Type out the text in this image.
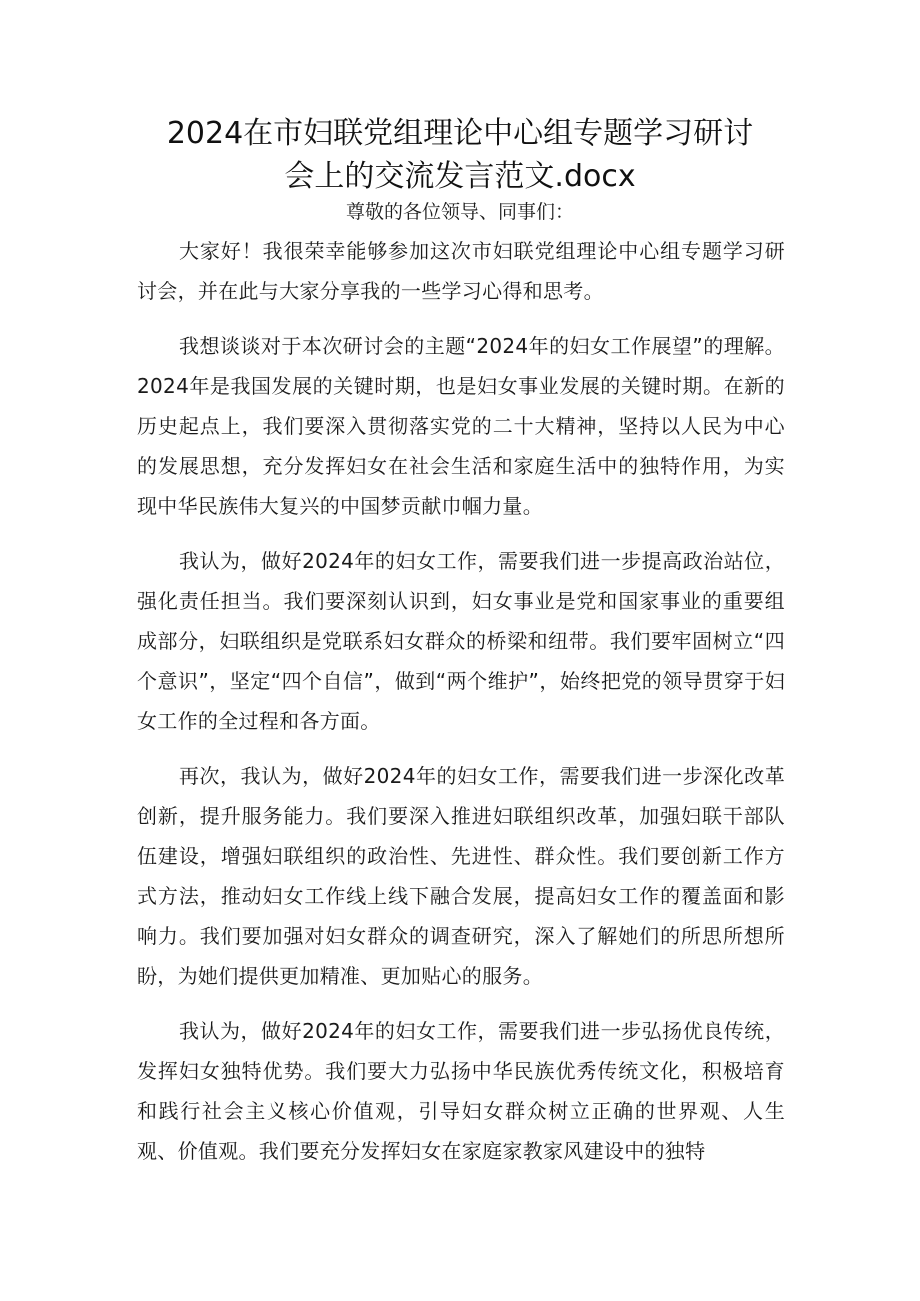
2024在市妇联党组理论中心组专题学习研讨
会上的交流发言范文.docx
尊敬的各位领导、同事们：

大家好！我很荣幸能够参加这次市妇联党组理论中心组专题学习研讨会，并在此与大家分享我的一些学习心得和思考。

我想谈谈对于本次研讨会的主题“2024年的妇女工作展望”的理解。2024年是我国发展的关键时期，也是妇女事业发展的关键时期。在新的历史起点上，我们要深入贯彻落实党的二十大精神，坚持以人民为中心的发展思想，充分发挥妇女在社会生活和家庭生活中的独特作用，为实现中华民族伟大复兴的中国梦贡献巾帼力量。

我认为，做好2024年的妇女工作，需要我们进一步提高政治站位，强化责任担当。我们要深刻认识到，妇女事业是党和国家事业的重要组成部分，妇联组织是党联系妇女群众的桥梁和纽带。我们要牢固树立“四个意识”，坚定“四个自信”，做到“两个维护”，始终把党的领导贯穿于妇女工作的全过程和各方面。

再次，我认为，做好2024年的妇女工作，需要我们进一步深化改革创新，提升服务能力。我们要深入推进妇联组织改革，加强妇联干部队伍建设，增强妇联组织的政治性、先进性、群众性。我们要创新工作方式方法，推动妇女工作线上线下融合发展，提高妇女工作的覆盖面和影响力。我们要加强对妇女群众的调查研究，深入了解她们的所思所想所盼，为她们提供更加精准、更加贴心的服务。

我认为，做好2024年的妇女工作，需要我们进一步弘扬优良传统，发挥妇女独特优势。我们要大力弘扬中华民族优秀传统文化，积极培育和践行社会主义核心价值观，引导妇女群众树立正确的世界观、人生观、价值观。我们要充分发挥妇女在家庭家教家风建设中的独特
